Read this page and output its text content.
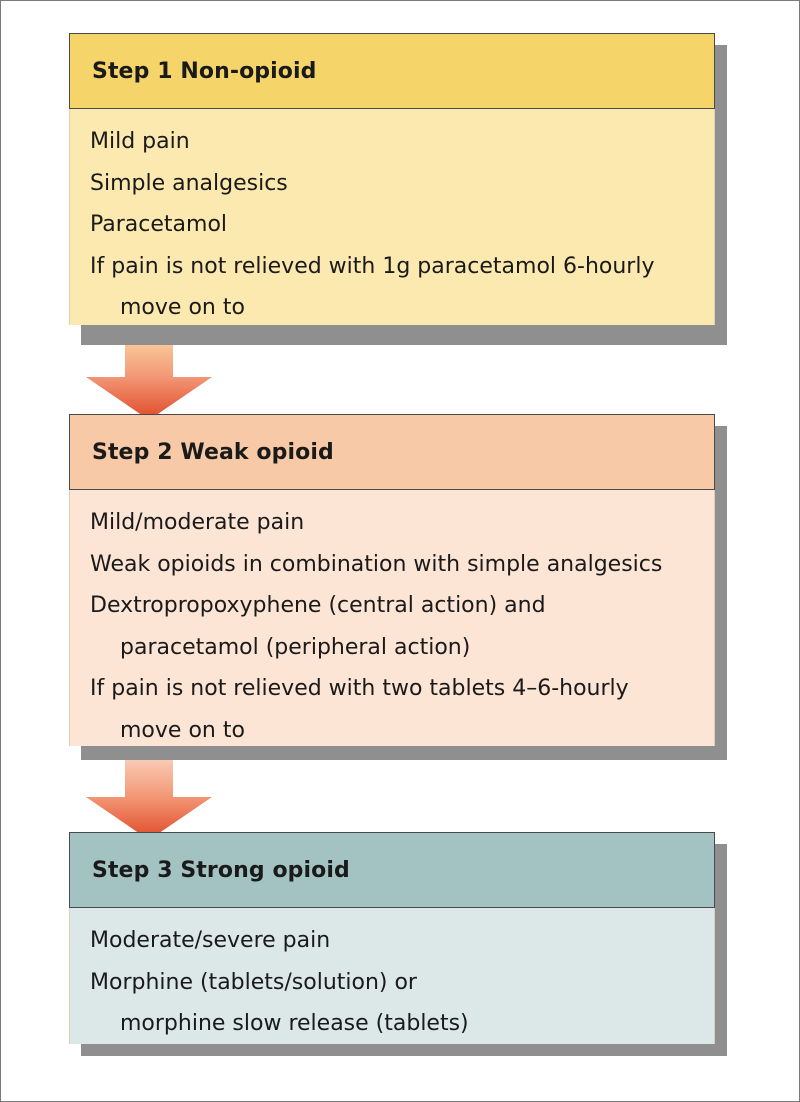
Step 1 Non-opioid
Mild pain
Simple analgesics
Paracetamol
If pain is not relieved with 1g paracetamol 6-hourly
move on to
Step 2 Weak opioid
Mild/moderate pain
Weak opioids in combination with simple analgesics
Dextropropoxyphene (central action) and
paracetamol (peripheral action)
If pain is not relieved with two tablets 4–6-hourly
move on to
Step 3 Strong opioid
Moderate/severe pain
Morphine (tablets/solution) or
morphine slow release (tablets)
